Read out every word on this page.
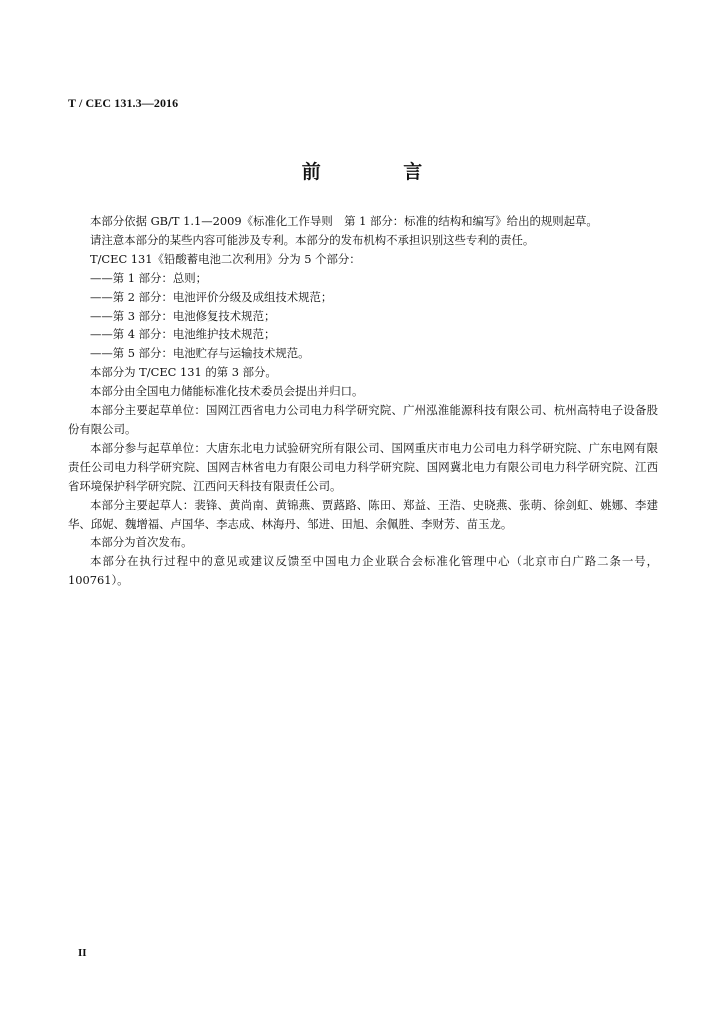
T / CEC 131.3—2016
前 言

本部分依据 GB/T 1.1—2009《标准化工作导则　第 1 部分：标准的结构和编写》给出的规则起草。

请注意本部分的某些内容可能涉及专利。本部分的发布机构不承担识别这些专利的责任。

T/CEC 131《铅酸蓄电池二次利用》分为 5 个部分：

——第 1 部分：总则；

——第 2 部分：电池评价分级及成组技术规范；

——第 3 部分：电池修复技术规范；

——第 4 部分：电池维护技术规范；

——第 5 部分：电池贮存与运输技术规范。

本部分为 T/CEC 131 的第 3 部分。

本部分由全国电力储能标准化技术委员会提出并归口。

本部分主要起草单位：国网江西省电力公司电力科学研究院、广州泓淮能源科技有限公司、杭州高特电子设备股份有限公司。

本部分参与起草单位：大唐东北电力试验研究所有限公司、国网重庆市电力公司电力科学研究院、广东电网有限责任公司电力科学研究院、国网吉林省电力有限公司电力科学研究院、国网冀北电力有限公司电力科学研究院、江西省环境保护科学研究院、江西问天科技有限责任公司。

本部分主要起草人：裴锋、黄尚南、黄锦燕、贾蕗路、陈田、郑益、王浩、史晓燕、张萌、徐剑虹、姚娜、李建华、邱妮、魏增福、卢国华、李志成、林海丹、邹进、田旭、余佩胜、李财芳、苗玉龙。

本部分为首次发布。

本部分在执行过程中的意见或建议反馈至中国电力企业联合会标准化管理中心（北京市白广路二条一号，100761）。

II
